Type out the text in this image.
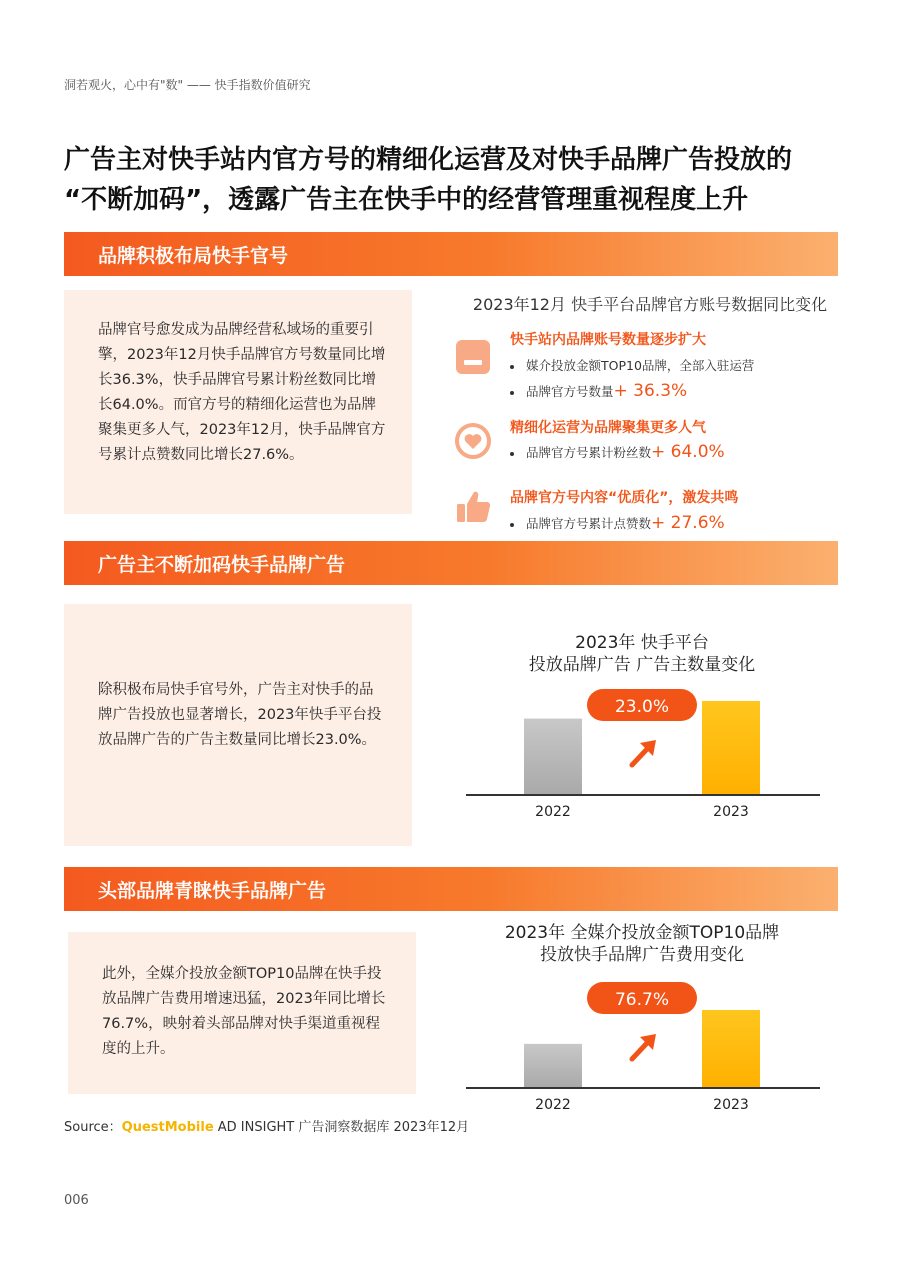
洞若观火，心中有"数" —— 快手指数价值研究
广告主对快手站内官方号的精细化运营及对快手品牌广告投放的
“不断加码”，透露广告主在快手中的经营管理重视程度上升
品牌积极布局快手官号
品牌官号愈发成为品牌经营私域场的重要引擎，2023年12月快手品牌官方号数量同比增长36.3%，快手品牌官号累计粉丝数同比增长64.0%。而官方号的精细化运营也为品牌聚集更多人气，2023年12月，快手品牌官方号累计点赞数同比增长27.6%。
2023年12月 快手平台品牌官方账号数据同比变化
快手站内品牌账号数量逐步扩大
媒介投放金额TOP10品牌，全部入驻运营
品牌官方号数量+ 36.3%
精细化运营为品牌聚集更多人气
品牌官方号累计粉丝数+ 64.0%
品牌官方号内容“优质化”，激发共鸣
品牌官方号累计点赞数+ 27.6%
广告主不断加码快手品牌广告
除积极布局快手官号外，广告主对快手的品牌广告投放也显著增长，2023年快手平台投放品牌广告的广告主数量同比增长23.0%。
2023年 快手平台
投放品牌广告 广告主数量变化
2022	2023
23.0%
头部品牌青睐快手品牌广告
此外，全媒介投放金额TOP10品牌在快手投放品牌广告费用增速迅猛，2023年同比增长76.7%，映射着头部品牌对快手渠道重视程度的上升。
2023年 全媒介投放金额TOP10品牌
投放快手品牌广告费用变化
2022	2023
76.7%
Source：QuestMobile AD INSIGHT 广告洞察数据库 2023年12月
006
